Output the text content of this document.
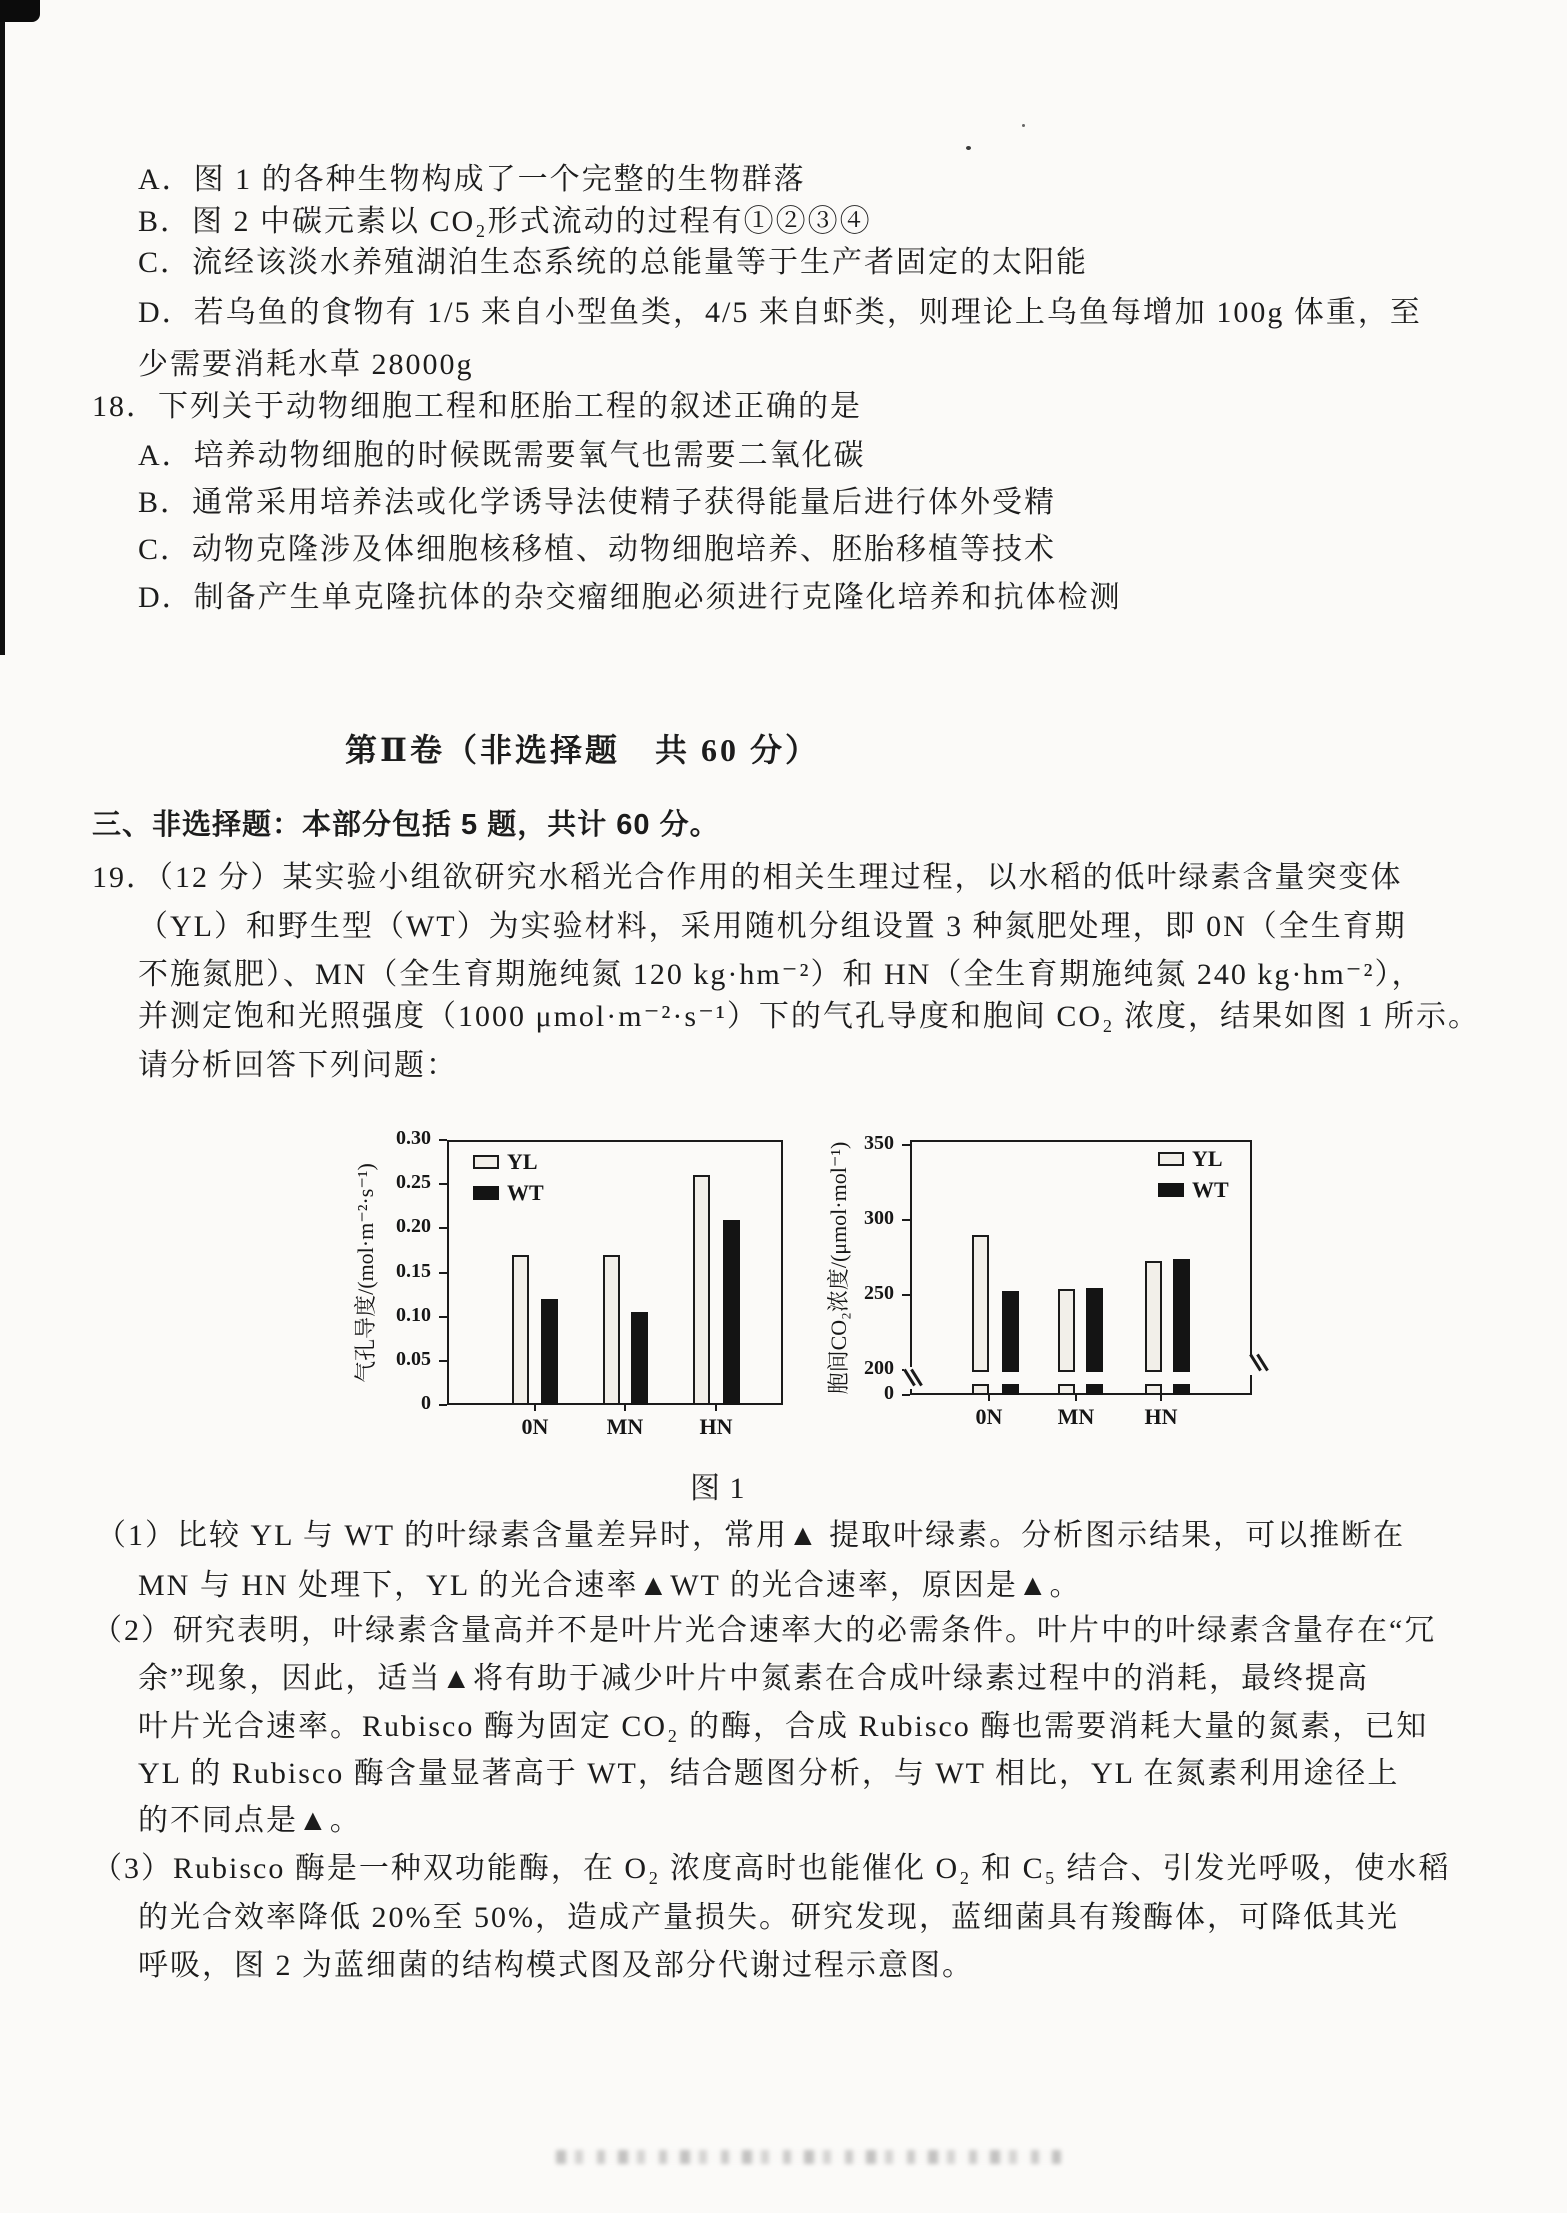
A．图 1 的各种生物构成了一个完整的生物群落
B．图 2 中碳元素以 CO₂形式流动的过程有①②③④
C．流经该淡水养殖湖泊生态系统的总能量等于生产者固定的太阳能
D．若乌鱼的食物有 1/5 来自小型鱼类，4/5 来自虾类，则理论上乌鱼每增加 100g 体重，至
少需要消耗水草 28000g
18．下列关于动物细胞工程和胚胎工程的叙述正确的是
A．培养动物细胞的时候既需要氧气也需要二氧化碳
B．通常采用培养法或化学诱导法使精子获得能量后进行体外受精
C．动物克隆涉及体细胞核移植、动物细胞培养、胚胎移植等技术
D．制备产生单克隆抗体的杂交瘤细胞必须进行克隆化培养和抗体检测
第Ⅱ卷（非选择题　共 60 分）
三、非选择题：本部分包括 5 题，共计 60 分。
19．（12 分）某实验小组欲研究水稻光合作用的相关生理过程，以水稻的低叶绿素含量突变体
（YL）和野生型（WT）为实验材料，采用随机分组设置 3 种氮肥处理，即 0N（全生育期
不施氮肥）、MN（全生育期施纯氮 120 kg·hm⁻²）和 HN（全生育期施纯氮 240 kg·hm⁻²），
并测定饱和光照强度（1000 μmol·m⁻²·s⁻¹）下的气孔导度和胞间 CO₂ 浓度，结果如图 1 所示。
请分析回答下列问题：
图 1
（1）比较 YL 与 WT 的叶绿素含量差异时，常用▲ 提取叶绿素。分析图示结果，可以推断在
MN 与 HN 处理下，YL 的光合速率▲WT 的光合速率，原因是▲。
（2）研究表明，叶绿素含量高并不是叶片光合速率大的必需条件。叶片中的叶绿素含量存在“冗
余”现象，因此，适当▲将有助于减少叶片中氮素在合成叶绿素过程中的消耗，最终提高
叶片光合速率。Rubisco 酶为固定 CO₂ 的酶，合成 Rubisco 酶也需要消耗大量的氮素，已知
YL 的 Rubisco 酶含量显著高于 WT，结合题图分析，与 WT 相比，YL 在氮素利用途径上
的不同点是▲。
（3）Rubisco 酶是一种双功能酶，在 O₂ 浓度高时也能催化 O₂ 和 C₅ 结合、引发光呼吸，使水稻
的光合效率降低 20%至 50%，造成产量损失。研究发现，蓝细菌具有羧酶体，可降低其光
呼吸，图 2 为蓝细菌的结构模式图及部分代谢过程示意图。
气孔导度/(mol·m⁻²·s⁻¹)
0
0.05
0.10
0.15
0.20
0.25
0.30
0N	MN	HN
YL
WT	胞间CO₂浓度/(μmol·mol⁻¹)	0
200
250
300
350
0N	MN	HN
YL
WT
